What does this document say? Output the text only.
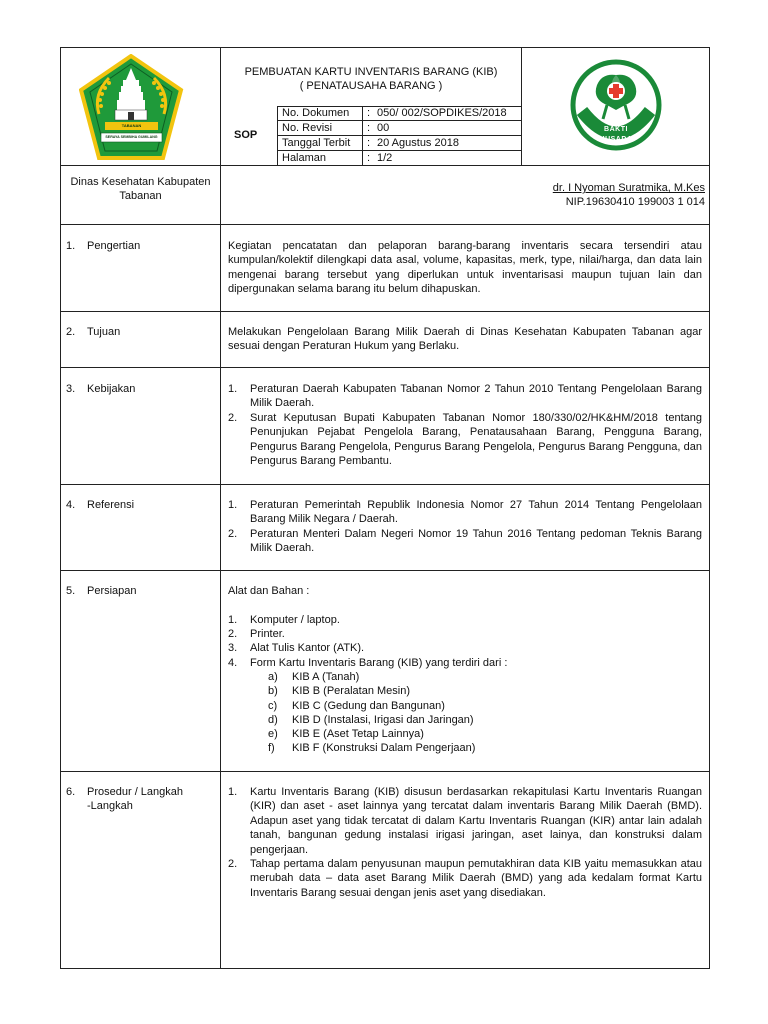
TABANAN
SERAYA SEMBIHA GUMILANG
PEMBUATAN KARTU INVENTARIS BARANG (KIB)
( PENATAUSAHA BARANG )
SOP
No. Dokumen : 050/ 002/SOPDIKES/2018
No. Revisi	: 00
Tanggal Terbit : 20 Agustus 2018
Halaman	: 1/2
BAKTI HUSADA
Dinas Kesehatan Kabupaten
Tabanan
dr. I Nyoman Suratmika, M.Kes
NIP.19630410 199003 1 014
1. Pengertian	Kegiatan pencatatan dan pelaporan barang-barang inventaris secara tersendiri atau kumpulan/kolektif dilengkapi data asal, volume, kapasitas, merk, type, nilai/harga, dan data lain mengenai barang tersebut yang diperlukan untuk inventarisasi maupun tujuan lain dan dipergunakan selama barang itu belum dihapuskan.
2. Tujuan	Melakukan Pengelolaan Barang Milik Daerah di Dinas Kesehatan Kabupaten Tabanan agar sesuai dengan Peraturan Hukum yang Berlaku.
3. Kebijakan	1. Peraturan Daerah Kabupaten Tabanan Nomor 2 Tahun 2010 Tentang Pengelolaan Barang Milik Daerah.
2. Surat Keputusan Bupati Kabupaten Tabanan Nomor 180/330/02/HK&HM/2018 tentang Penunjukan Pejabat Pengelola Barang, Penatausahaan Barang, Pengguna Barang, Pengurus Barang Pengelola, Pengurus Barang Pengelola, Pengurus Barang Pengguna, dan Pengurus Barang Pembantu.
4. Referensi	1. Peraturan Pemerintah Republik Indonesia Nomor 27 Tahun 2014 Tentang Pengelolaan Barang Milik Negara / Daerah.
2. Peraturan Menteri Dalam Negeri Nomor 19 Tahun 2016 Tentang pedoman Teknis Barang Milik Daerah.
5. Persiapan	Alat dan Bahan :
1. Komputer / laptop.
2. Printer.
3. Alat Tulis Kantor (ATK).
4. Form Kartu Inventaris Barang (KIB) yang terdiri dari :
a) KIB A (Tanah)
b) KIB B (Peralatan Mesin)
c) KIB C (Gedung dan Bangunan)
d) KIB D (Instalasi, Irigasi dan Jaringan)
e) KIB E (Aset Tetap Lainnya)
f) KIB F (Konstruksi Dalam Pengerjaan)
6. Prosedur / Langkah
-Langkah
1. Kartu Inventaris Barang (KIB) disusun berdasarkan rekapitulasi Kartu Inventaris Ruangan (KIR) dan aset - aset lainnya yang tercatat dalam inventaris Barang Milik Daerah (BMD). Adapun aset yang tidak tercatat di dalam Kartu Inventaris Ruangan (KIR) antar lain adalah tanah, bangunan gedung instalasi irigasi jaringan, aset lainya, dan konstruksi dalam pengerjaan.
2. Tahap pertama dalam penyusunan maupun pemutakhiran data KIB yaitu memasukkan atau merubah data – data aset Barang Milik Daerah (BMD) yang ada kedalam format Kartu Inventaris Barang sesuai dengan jenis aset yang disediakan.
